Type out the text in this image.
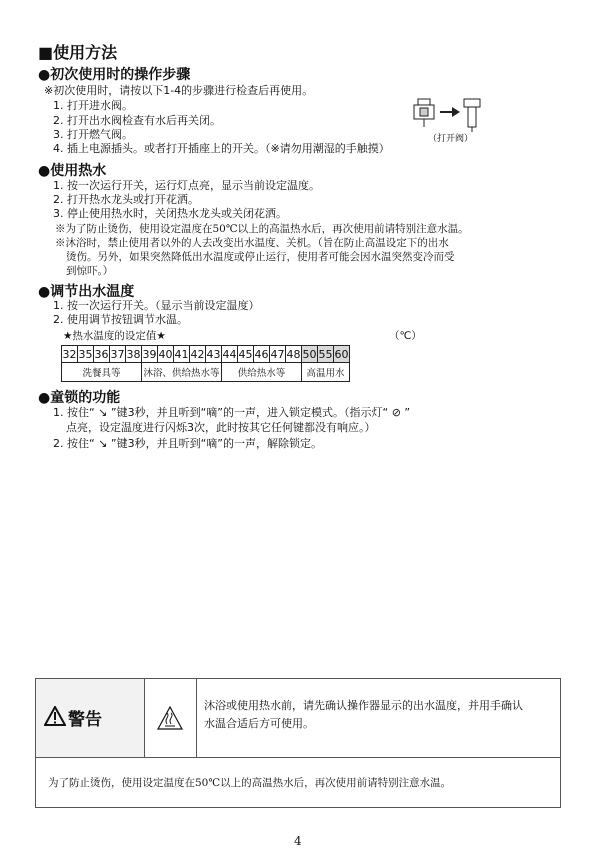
■使用方法
●初次使用时的操作步骤
※初次使用时，请按以下1-4的步骤进行检查后再使用。
1. 打开进水阀。
2. 打开出水阀检查有水后再关闭。
3. 打开燃气阀。
4. 插上电源插头。或者打开插座上的开关。（※请勿用潮湿的手触摸）
（打开阀）
●使用热水
1. 按一次运行开关，运行灯点亮，显示当前设定温度。
2. 打开热水龙头或打开花洒。
3. 停止使用热水时，关闭热水龙头或关闭花洒。
※为了防止烫伤，使用设定温度在50℃以上的高温热水后，再次使用前请特别注意水温。
※沐浴时，禁止使用者以外的人去改变出水温度、关机。（旨在防止高温设定下的出水
烫伤。另外，如果突然降低出水温度或停止运行，使用者可能会因水温突然变冷而受
到惊吓。）
●调节出水温度
1. 按一次运行开关。（显示当前设定温度）
2. 使用调节按钮调节水温。
★热水温度的设定值★	（℃）
32	35	36	37	38	39	40	41	42	43	44	45	46	47	48	50	55	60
洗餐具等					沐浴、供给热水等					供给热水等					高温用水		
●童锁的功能
1. 按住“ ↘ ”键3秒，并且听到“嘀”的一声，进入锁定模式。（指示灯“ ⊘ ”
点亮，设定温度进行闪烁3次，此时按其它任何键都没有响应。）
2. 按住“ ↘ ”键3秒，并且听到“嘀”的一声，解除锁定。
警告
沐浴或使用热水前，请先确认操作器显示的出水温度，并用手确认
水温合适后方可使用。
为了防止烫伤，使用设定温度在50℃以上的高温热水后，再次使用前请特别注意水温。
4
